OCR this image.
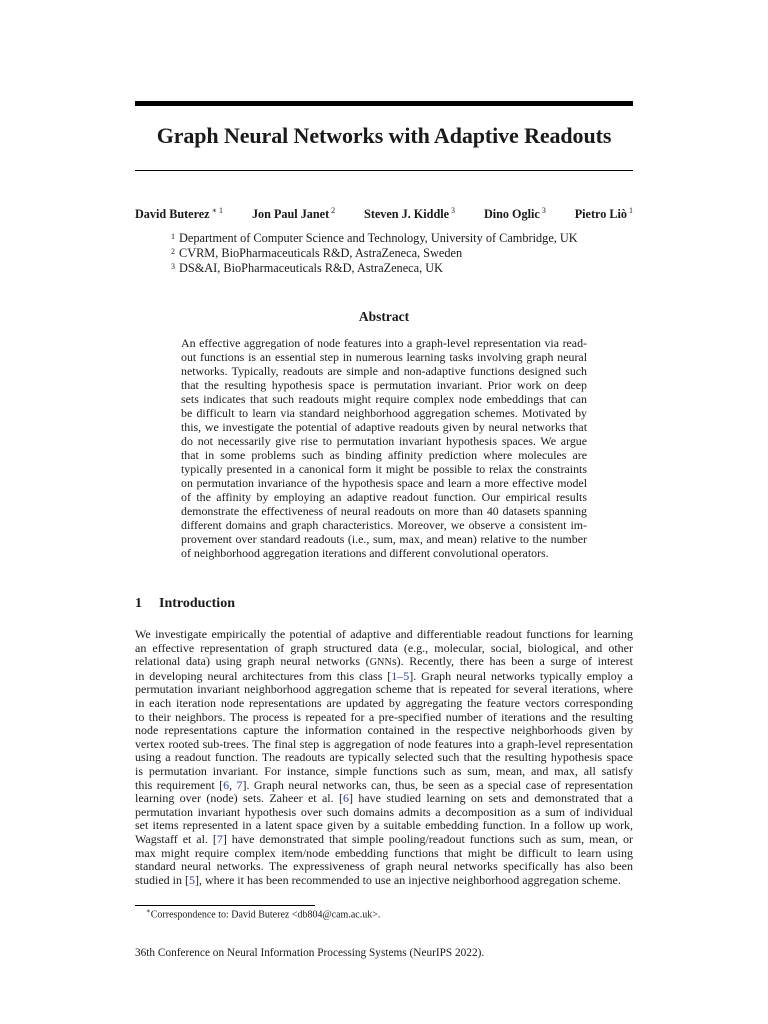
Graph Neural Networks with Adaptive Readouts
David Buterez $^{∗ 1}$ Jon Paul Janet $^2$ Steven J. Kiddle $^3$ Dino Oglic $^3$ Pietro Liò $^1$
$^1$ Department of Computer Science and Technology, University of Cambridge, UK
$^2$ CVRM, BioPharmaceuticals R&D, AstraZeneca, Sweden
$^3$ DS&AI, BioPharmaceuticals R&D, AstraZeneca, UK
Abstract
An effective aggregation of node features into a graph-level representation via read-
out functions is an essential step in numerous learning tasks involving graph neural
networks. Typically, readouts are simple and non-adaptive functions designed such
that the resulting hypothesis space is permutation invariant. Prior work on deep
sets indicates that such readouts might require complex node embeddings that can
be difficult to learn via standard neighborhood aggregation schemes. Motivated by
this, we investigate the potential of adaptive readouts given by neural networks that
do not necessarily give rise to permutation invariant hypothesis spaces. We argue
that in some problems such as binding affinity prediction where molecules are
typically presented in a canonical form it might be possible to relax the constraints
on permutation invariance of the hypothesis space and learn a more effective model
of the affinity by employing an adaptive readout function. Our empirical results
demonstrate the effectiveness of neural readouts on more than 40 datasets spanning
different domains and graph characteristics. Moreover, we observe a consistent im-
provement over standard readouts (i.e., sum, max, and mean) relative to the number
of neighborhood aggregation iterations and different convolutional operators.
1 Introduction
We investigate empirically the potential of adaptive and differentiable readout functions for learning
an effective representation of graph structured data (e.g., molecular, social, biological, and other
relational data) using graph neural networks (GNNs). Recently, there has been a surge of interest
in developing neural architectures from this class [1–5]. Graph neural networks typically employ a
permutation invariant neighborhood aggregation scheme that is repeated for several iterations, where
in each iteration node representations are updated by aggregating the feature vectors corresponding
to their neighbors. The process is repeated for a pre-specified number of iterations and the resulting
node representations capture the information contained in the respective neighborhoods given by
vertex rooted sub-trees. The final step is aggregation of node features into a graph-level representation
using a readout function. The readouts are typically selected such that the resulting hypothesis space
is permutation invariant. For instance, simple functions such as sum, mean, and max, all satisfy
this requirement [6, 7]. Graph neural networks can, thus, be seen as a special case of representation
learning over (node) sets. Zaheer et al. [6] have studied learning on sets and demonstrated that a
permutation invariant hypothesis over such domains admits a decomposition as a sum of individual
set items represented in a latent space given by a suitable embedding function. In a follow up work,
Wagstaff et al. [7] have demonstrated that simple pooling/readout functions such as sum, mean, or
max might require complex item/node embedding functions that might be difficult to learn using
standard neural networks. The expressiveness of graph neural networks specifically has also been
studied in [5], where it has been recommended to use an injective neighborhood aggregation scheme.
∗Correspondence to: David Buterez <db804@cam.ac.uk>.
36th Conference on Neural Information Processing Systems (NeurIPS 2022).
